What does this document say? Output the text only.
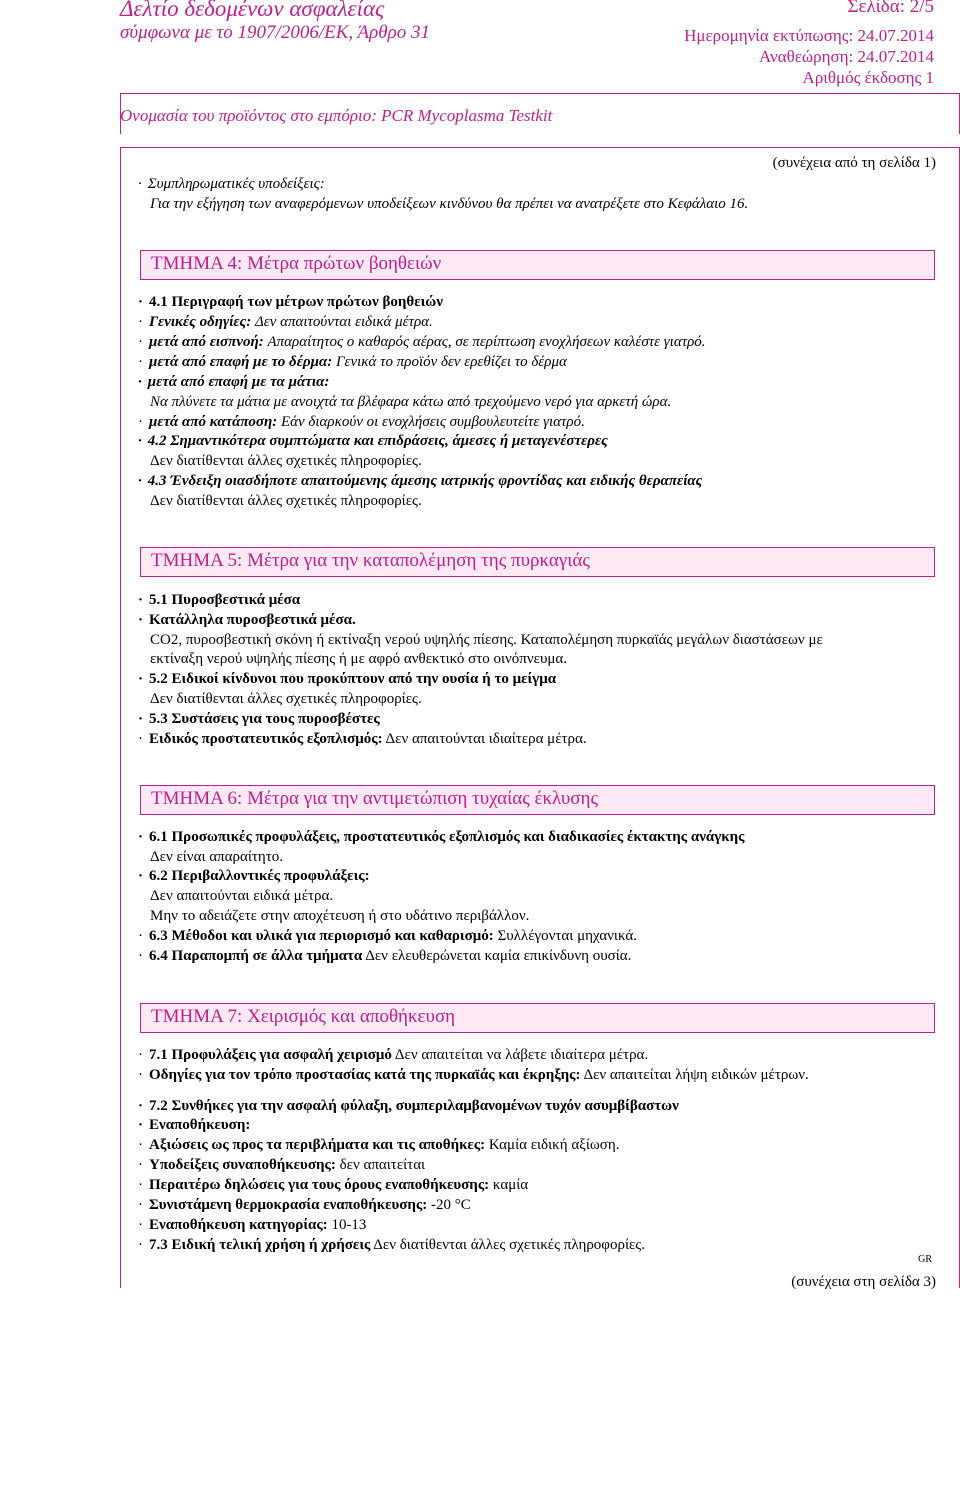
Δελτίο δεδομένων ασφαλείας
σύμφωνα με το 1907/2006/ΕΚ, Άρθρο 31
Σελίδα: 2/5
Ημερομηνία εκτύπωσης: 24.07.2014
Αναθεώρηση: 24.07.2014
Αριθμός έκδοσης 1
Ονομασία του προϊόντος στο εμπόριο: PCR Mycoplasma Testkit
(συνέχεια από τη σελίδα 1)
· Συμπληρωματικές υποδείξεις:
Για την εξήγηση των αναφερόμενων υποδείξεων κινδύνου θα πρέπει να ανατρέξετε στο Κεφάλαιο 16.
ΤΜΗΜΑ 4: Μέτρα πρώτων βοηθειών
· 4.1 Περιγραφή των μέτρων πρώτων βοηθειών
· Γενικές οδηγίες: Δεν απαιτούνται ειδικά μέτρα.
· μετά από εισπνοή: Απαραίτητος ο καθαρός αέρας, σε περίπτωση ενοχλήσεων καλέστε γιατρό.
· μετά από επαφή με το δέρμα: Γενικά το προϊόν δεν ερεθίζει το δέρμα
· μετά από επαφή με τα μάτια:
Να πλύνετε τα μάτια με ανοιχτά τα βλέφαρα κάτω από τρεχούμενο νερό για αρκετή ώρα.
· μετά από κατάποση: Εάν διαρκούν οι ενοχλήσεις συμβουλευτείτε γιατρό.
· 4.2 Σημαντικότερα συμπτώματα και επιδράσεις, άμεσες ή μεταγενέστερες
Δεν διατίθενται άλλες σχετικές πληροφορίες.
· 4.3 Ένδειξη οιασδήποτε απαιτούμενης άμεσης ιατρικής φροντίδας και ειδικής θεραπείας
Δεν διατίθενται άλλες σχετικές πληροφορίες.
ΤΜΗΜΑ 5: Μέτρα για την καταπολέμηση της πυρκαγιάς
· 5.1 Πυροσβεστικά μέσα
· Κατάλληλα πυροσβεστικά μέσα.
CO2, πυροσβεστική σκόνη ή εκτίναξη νερού υψηλής πίεσης. Καταπολέμηση πυρκαϊάς μεγάλων διαστάσεων με
εκτίναξη νερού υψηλής πίεσης ή με αφρό ανθεκτικό στο οινόπνευμα.
· 5.2 Ειδικοί κίνδυνοι που προκύπτουν από την ουσία ή το μείγμα
Δεν διατίθενται άλλες σχετικές πληροφορίες.
· 5.3 Συστάσεις για τους πυροσβέστες
· Ειδικός προστατευτικός εξοπλισμός: Δεν απαιτούνται ιδιαίτερα μέτρα.
ΤΜΗΜΑ 6: Μέτρα για την αντιμετώπιση τυχαίας έκλυσης
· 6.1 Προσωπικές προφυλάξεις, προστατευτικός εξοπλισμός και διαδικασίες έκτακτης ανάγκης
Δεν είναι απαραίτητο.
· 6.2 Περιβαλλοντικές προφυλάξεις:
Δεν απαιτούνται ειδικά μέτρα.
Μην το αδειάζετε στην αποχέτευση ή στο υδάτινο περιβάλλον.
· 6.3 Μέθοδοι και υλικά για περιορισμό και καθαρισμό: Συλλέγονται μηχανικά.
· 6.4 Παραπομπή σε άλλα τμήματα Δεν ελευθερώνεται καμία επικίνδυνη ουσία.
ΤΜΗΜΑ 7: Χειρισμός και αποθήκευση
· 7.1 Προφυλάξεις για ασφαλή χειρισμό Δεν απαιτείται να λάβετε ιδιαίτερα μέτρα.
· Οδηγίες για τον τρόπο προστασίας κατά της πυρκαϊάς και έκρηξης: Δεν απαιτείται λήψη ειδικών μέτρων.
· 7.2 Συνθήκες για την ασφαλή φύλαξη, συμπεριλαμβανομένων τυχόν ασυμβίβαστων
· Εναποθήκευση:
· Αξιώσεις ως προς τα περιβλήματα και τις αποθήκες: Καμία ειδική αξίωση.
· Υποδείξεις συναποθήκευσης: δεν απαιτείται
· Περαιτέρω δηλώσεις για τους όρους εναποθήκευσης: καμία
· Συνιστάμενη θερμοκρασία εναποθήκευσης: -20 °C
· Εναποθήκευση κατηγορίας: 10-13
· 7.3 Ειδική τελική χρήση ή χρήσεις Δεν διατίθενται άλλες σχετικές πληροφορίες.
GR
(συνέχεια στη σελίδα 3)
